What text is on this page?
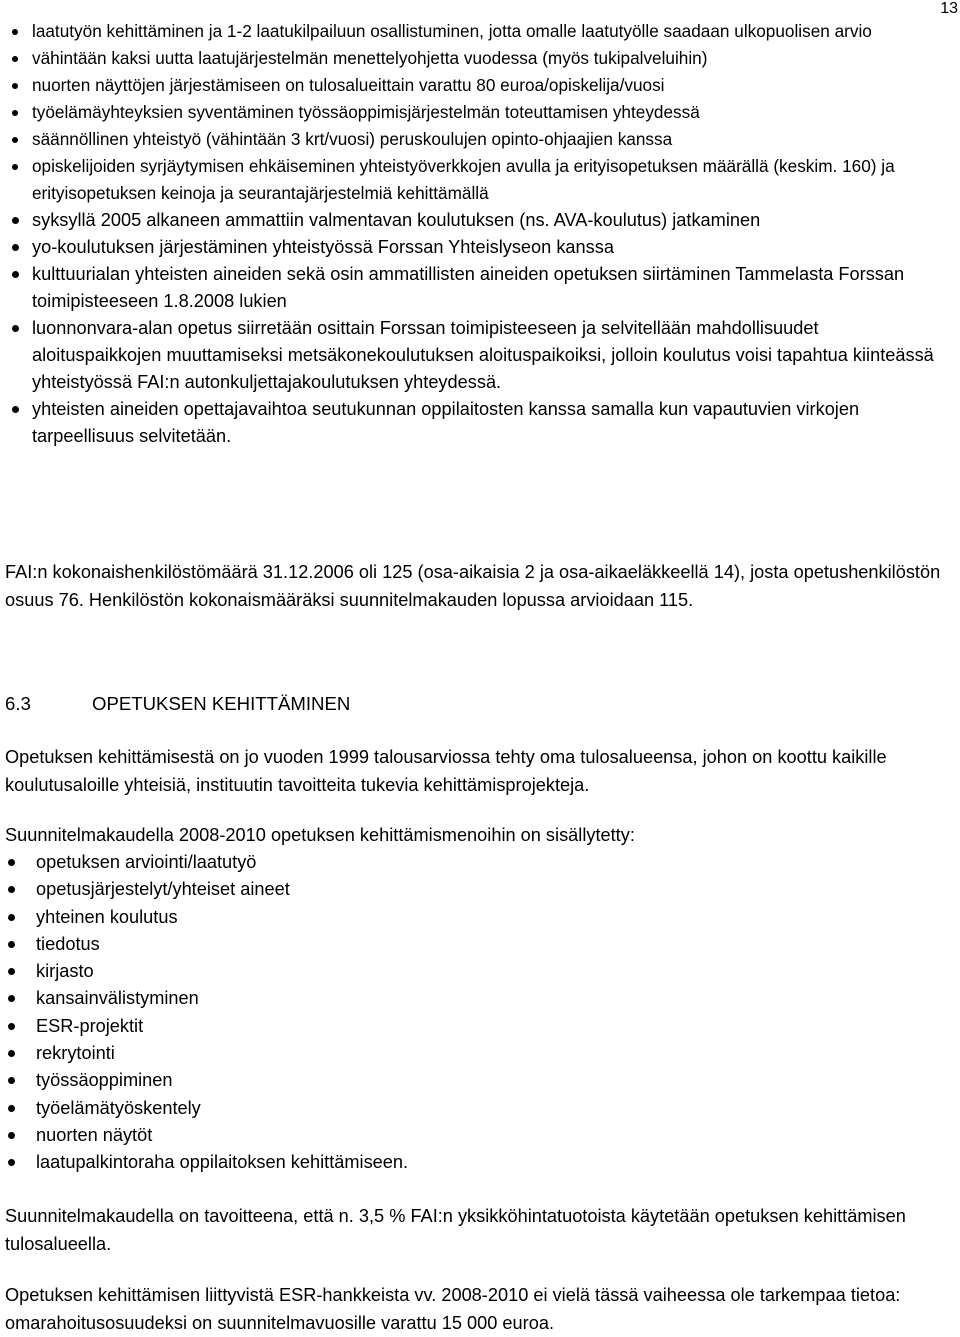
13
laatutyön kehittäminen ja 1-2 laatukilpailuun osallistuminen, jotta omalle laatutyölle saadaan ulkopuolisen arvio
vähintään kaksi uutta laatujärjestelmän menettelyohjetta vuodessa (myös tukipalveluihin)
nuorten näyttöjen järjestämiseen on tulosalueittain varattu 80 euroa/opiskelija/vuosi
työelämäyhteyksien syventäminen työssäoppimisjärjestelmän toteuttamisen yhteydessä
säännöllinen yhteistyö (vähintään 3 krt/vuosi) peruskoulujen opinto-ohjaajien kanssa
opiskelijoiden syrjäytymisen ehkäiseminen yhteistyöverkkojen avulla ja erityisopetuksen määrällä (keskim. 160) ja erityisopetuksen keinoja ja seurantajärjestelmiä kehittämällä
syksyllä 2005 alkaneen ammattiin valmentavan koulutuksen (ns. AVA-koulutus) jatkaminen
yo-koulutuksen järjestäminen yhteistyössä Forssan Yhteislyseon kanssa
kulttuurialan yhteisten aineiden sekä osin ammatillisten aineiden opetuksen siirtäminen Tammelasta Forssan toimipisteeseen 1.8.2008 lukien
luonnonvara-alan opetus siirretään osittain Forssan toimipisteeseen ja selvitellään mahdollisuudet aloituspaikkojen muuttamiseksi metsäkonekoulutuksen aloituspaikoiksi, jolloin koulutus voisi tapahtua kiinteässä yhteistyössä FAI:n autonkuljettajakoulutuksen yhteydessä.
yhteisten aineiden opettajavaihtoa seutukunnan oppilaitosten kanssa samalla kun vapautuvien virkojen tarpeellisuus selvitetään.

FAI:n kokonaishenkilöstömäärä 31.12.2006 oli 125 (osa-aikaisia 2 ja osa-aikaeläkkeellä 14), josta opetushenkilöstön osuus 76. Henkilöstön kokonaismääräksi suunnitelmakauden lopussa arvioidaan 115.

6.3	OPETUKSEN KEHITTÄMINEN

Opetuksen kehittämisestä on jo vuoden 1999 talousarviossa tehty oma tulosalueensa, johon on koottu kaikille koulutusaloille yhteisiä, instituutin tavoitteita tukevia kehittämisprojekteja.

Suunnitelmakaudella 2008-2010 opetuksen kehittämismenoihin on sisällytetty:

opetuksen arviointi/laatutyö
opetusjärjestelyt/yhteiset aineet
yhteinen koulutus
tiedotus
kirjasto
kansainvälistyminen
ESR-projektit
rekrytointi
työssäoppiminen
työelämätyöskentely
nuorten näytöt
laatupalkintoraha oppilaitoksen kehittämiseen.

Suunnitelmakaudella on tavoitteena, että n. 3,5 % FAI:n yksikköhintatuotoista käytetään opetuksen kehittämisen tulosalueella.

Opetuksen kehittämisen liittyvistä ESR-hankkeista vv. 2008-2010 ei vielä tässä vaiheessa ole tarkempaa tietoa: omarahoitusosuudeksi on suunnitelmavuosille varattu 15 000 euroa.
